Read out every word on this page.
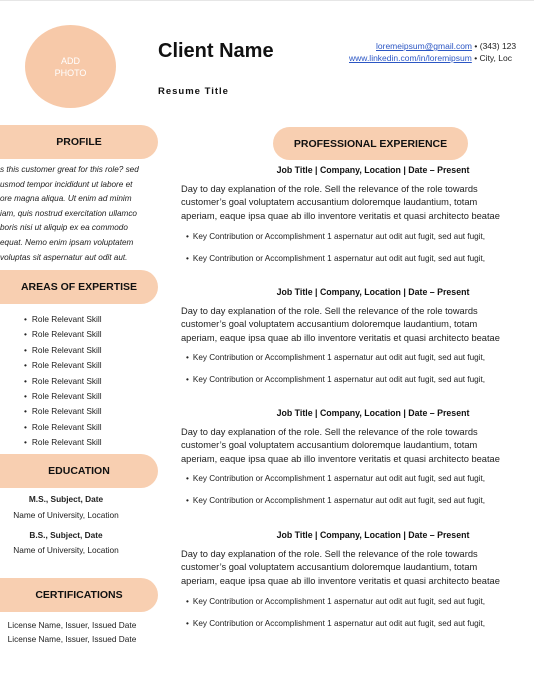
ADD
PHOTO
Client Name
Resume Title
loremeipsum@gmail.com • (343) 123
www.linkedin.com/in/loremipsum • City, Loc
PROFILE
s this customer great for this role? sed
usmod tempor incididunt ut labore et
ore magna aliqua. Ut enim ad minim
iam, quis nostrud exercitation ullamco
boris nisi ut aliquip ex ea commodo
equat. Nemo enim ipsam voluptatem
voluptas sit aspernatur aut odit aut.
AREAS OF EXPERTISE
• Role Relevant Skill
• Role Relevant Skill
• Role Relevant Skill
• Role Relevant Skill
• Role Relevant Skill
• Role Relevant Skill
• Role Relevant Skill
• Role Relevant Skill
• Role Relevant Skill
EDUCATION
M.S., Subject, Date
Name of University, Location
B.S., Subject, Date
Name of University, Location
CERTIFICATIONS
License Name, Issuer, Issued Date
License Name, Issuer, Issued Date
PROFESSIONAL EXPERIENCE
Job Title | Company, Location | Date – Present
Day to day explanation of the role. Sell the relevance of the role towards
customer’s goal voluptatem accusantium doloremque laudantium, totam
aperiam, eaque ipsa quae ab illo inventore veritatis et quasi architecto beatae
• Key Contribution or Accomplishment 1 aspernatur aut odit aut fugit, sed aut fugit,
• Key Contribution or Accomplishment 1 aspernatur aut odit aut fugit, sed aut fugit,
Job Title | Company, Location | Date – Present
Day to day explanation of the role. Sell the relevance of the role towards
customer’s goal voluptatem accusantium doloremque laudantium, totam
aperiam, eaque ipsa quae ab illo inventore veritatis et quasi architecto beatae
• Key Contribution or Accomplishment 1 aspernatur aut odit aut fugit, sed aut fugit,
• Key Contribution or Accomplishment 1 aspernatur aut odit aut fugit, sed aut fugit,
Job Title | Company, Location | Date – Present
Day to day explanation of the role. Sell the relevance of the role towards
customer’s goal voluptatem accusantium doloremque laudantium, totam
aperiam, eaque ipsa quae ab illo inventore veritatis et quasi architecto beatae
• Key Contribution or Accomplishment 1 aspernatur aut odit aut fugit, sed aut fugit,
• Key Contribution or Accomplishment 1 aspernatur aut odit aut fugit, sed aut fugit,
Job Title | Company, Location | Date – Present
Day to day explanation of the role. Sell the relevance of the role towards
customer’s goal voluptatem accusantium doloremque laudantium, totam
aperiam, eaque ipsa quae ab illo inventore veritatis et quasi architecto beatae
• Key Contribution or Accomplishment 1 aspernatur aut odit aut fugit, sed aut fugit,
• Key Contribution or Accomplishment 1 aspernatur aut odit aut fugit, sed aut fugit,
